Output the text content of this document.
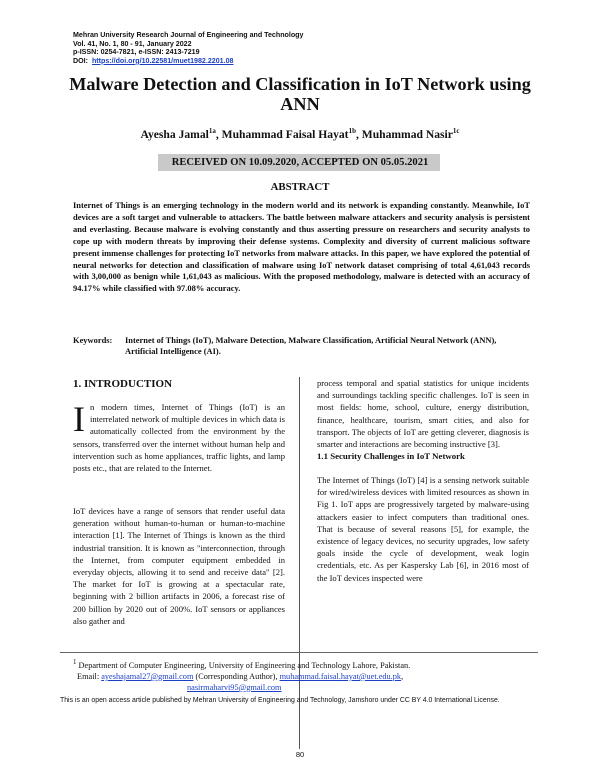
Mehran University Research Journal of Engineering and Technology
Vol. 41, No. 1, 80 - 91, January 2022
p-ISSN: 0254-7821, e-ISSN: 2413-7219
DOI: https://doi.org/10.22581/muet1982.2201.08
Malware Detection and Classification in IoT Network using ANN
Ayesha Jamal$^{1a}$, Muhammad Faisal Hayat$^{1b}$, Muhammad Nasir$^{1c}$
RECEIVED ON 10.09.2020, ACCEPTED ON 05.05.2021
ABSTRACT
Internet of Things is an emerging technology in the modern world and its network is expanding constantly. Meanwhile, IoT devices are a soft target and vulnerable to attackers. The battle between malware attackers and security analysis is persistent and everlasting. Because malware is evolving constantly and thus asserting pressure on researchers and security analysts to cope up with modern threats by improving their defense systems. Complexity and diversity of current malicious software present immense challenges for protecting IoT networks from malware attacks. In this paper, we have explored the potential of neural networks for detection and classification of malware using IoT network dataset comprising of total 4,61,043 records with 3,00,000 as benign while 1,61,043 as malicious. With the proposed methodology, malware is detected with an accuracy of 94.17% while classified with 97.08% accuracy.
Keywords:	Internet of Things (IoT), Malware Detection, Malware Classification, Artificial Neural Network (ANN), Artificial Intelligence (AI).
1. INTRODUCTION

In modern times, Internet of Things (IoT) is an interrelated network of multiple devices in which data is automatically collected from the environment by the sensors, transferred over the internet without human help and intervention such as home appliances, traffic lights, and lamp posts etc., that are related to the Internet.

IoT devices have a range of sensors that render useful data generation without human-to-human or human-to-machine interaction [1]. The Internet of Things is known as the third industrial transition. It is known as "interconnection, through the Internet, from computer equipment embedded in everyday objects, allowing it to send and receive data" [2]. The market for IoT is growing at a spectacular rate, beginning with 2 billion artifacts in 2006, a forecast rise of 200 billion by 2020 out of 200%. IoT sensors or appliances also gather and

process temporal and spatial statistics for unique incidents and surroundings tackling specific challenges. IoT is seen in most fields: home, school, culture, energy distribution, finance, healthcare, tourism, smart cities, and also for transport. The objects of IoT are getting cleverer, diagnosis is smarter and interactions are becoming instructive [3].

1.1 Security Challenges in IoT Network

The Internet of Things (IoT) [4] is a sensing network suitable for wired/wireless devices with limited resources as shown in Fig 1. IoT apps are progressively targeted by malware-using attackers easier to infect computers than traditional ones. That is because of several reasons [5], for example, the existence of legacy devices, no security upgrades, low safety goals inside the cycle of development, weak login credentials, etc. As per Kaspersky Lab [6], in 2016 most of the IoT devices inspected were

$^1$ Department of Computer Engineering, University of Engineering and Technology Lahore, Pakistan.
Email: ayeshajamal27@gmail.com (Corresponding Author), muhammad.faisal.hayat@uet.edu.pk,
nasirmaharvi95@gmail.com
This is an open access article published by Mehran University of Engineering and Technology, Jamshoro under CC BY 4.0 International License.
80
